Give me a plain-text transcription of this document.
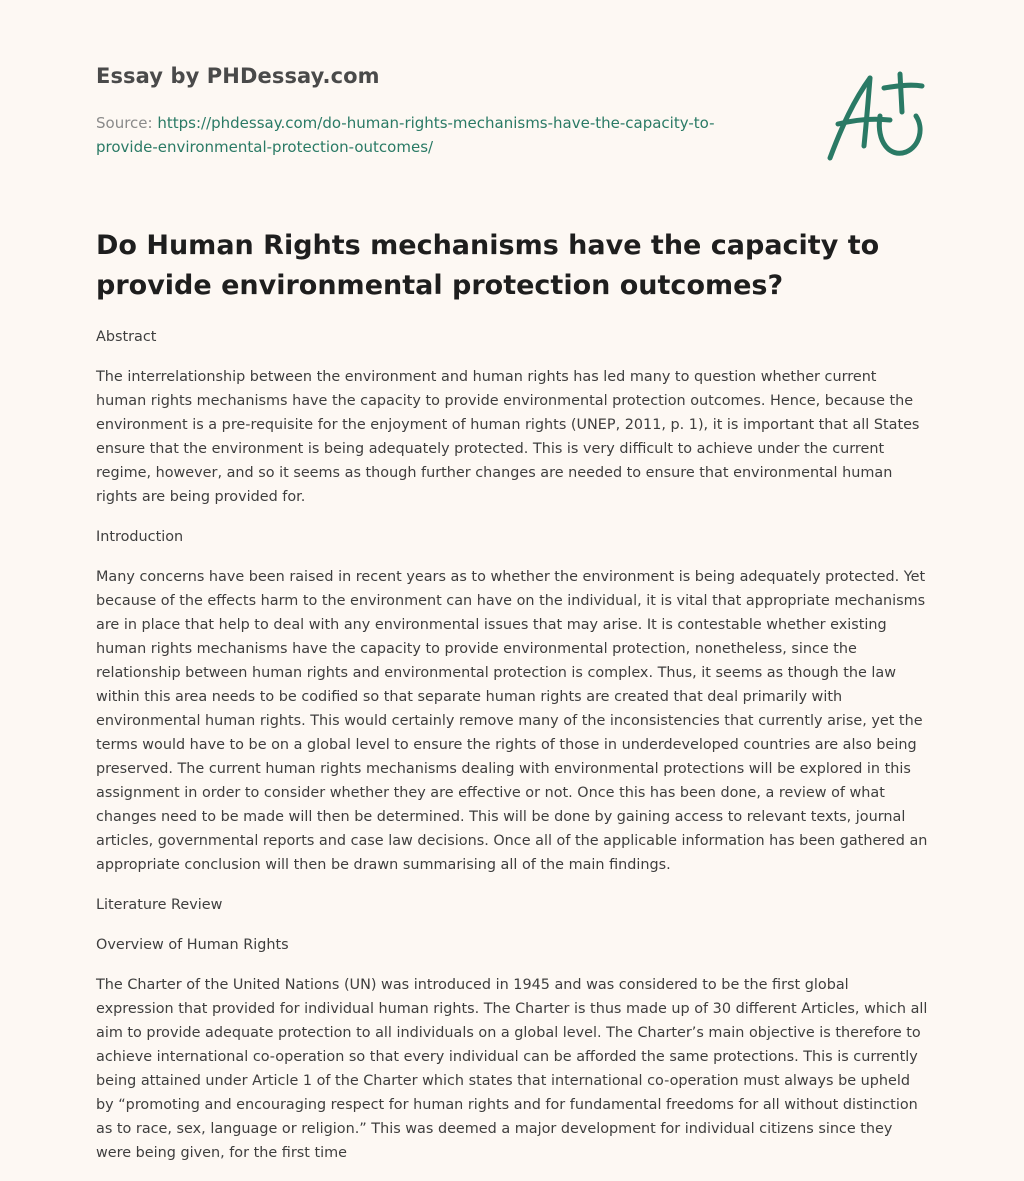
Essay by PHDessay.com
Source: https://phdessay.com/do-human-rights-mechanisms-have-the-capacity-to-provide-environmental-protection-outcomes/
Do Human Rights mechanisms have the capacity to provide environmental protection outcomes?

Abstract

The interrelationship between the environment and human rights has led many to question whether current human rights mechanisms have the capacity to provide environmental protection outcomes. Hence, because the environment is a pre-requisite for the enjoyment of human rights (UNEP, 2011, p. 1), it is important that all States ensure that the environment is being adequately protected. This is very difficult to achieve under the current regime, however, and so it seems as though further changes are needed to ensure that environmental human rights are being provided for.

Introduction

Many concerns have been raised in recent years as to whether the environment is being adequately protected. Yet because of the effects harm to the environment can have on the individual, it is vital that appropriate mechanisms are in place that help to deal with any environmental issues that may arise. It is contestable whether existing human rights mechanisms have the capacity to provide environmental protection, nonetheless, since the relationship between human rights and environmental protection is complex. Thus, it seems as though the law within this area needs to be codified so that separate human rights are created that deal primarily with environmental human rights. This would certainly remove many of the inconsistencies that currently arise, yet the terms would have to be on a global level to ensure the rights of those in underdeveloped countries are also being preserved. The current human rights mechanisms dealing with environmental protections will be explored in this assignment in order to consider whether they are effective or not. Once this has been done, a review of what changes need to be made will then be determined. This will be done by gaining access to relevant texts, journal articles, governmental reports and case law decisions. Once all of the applicable information has been gathered an appropriate conclusion will then be drawn summarising all of the main findings.

Literature Review

Overview of Human Rights

The Charter of the United Nations (UN) was introduced in 1945 and was considered to be the first global expression that provided for individual human rights. The Charter is thus made up of 30 different Articles, which all aim to provide adequate protection to all individuals on a global level. The Charter’s main objective is therefore to achieve international co-operation so that every individual can be afforded the same protections. This is currently being attained under Article 1 of the Charter which states that international co-operation must always be upheld by “promoting and encouraging respect for human rights and for fundamental freedoms for all without distinction as to race, sex, language or religion.” This was deemed a major development for individual citizens since they were being given, for the first time
